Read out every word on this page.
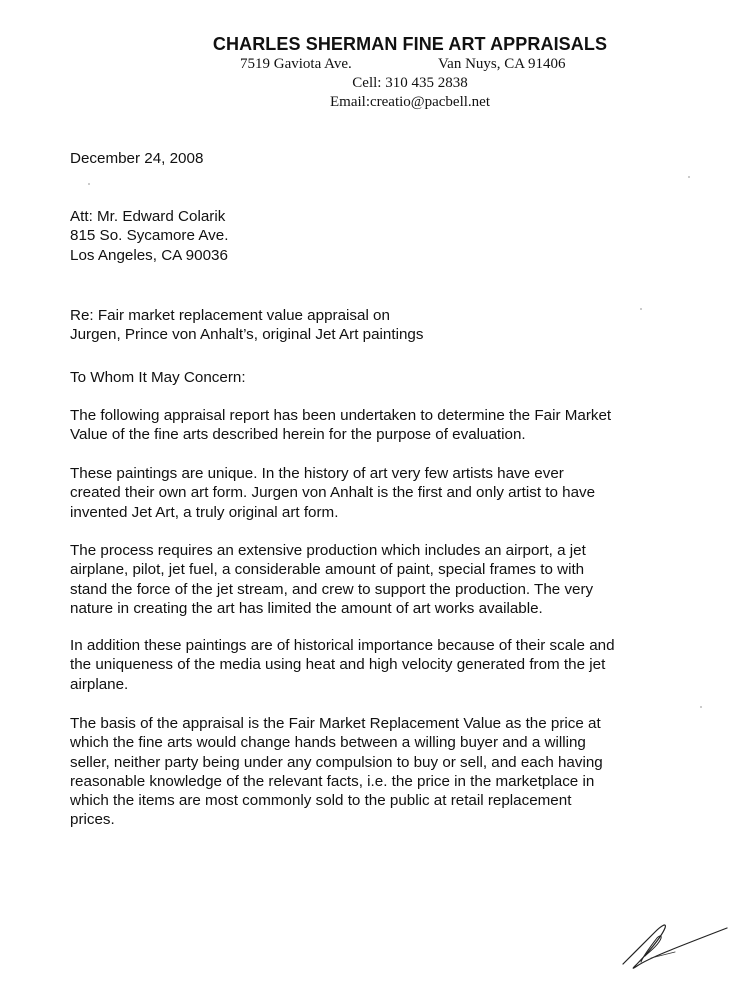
CHARLES SHERMAN FINE ART APPRAISALS
7519 Gaviota Ave.	Van Nuys, CA 91406
Cell: 310 435 2838
Email:creatio@pacbell.net
December 24, 2008
Att: Mr. Edward Colarik
815 So. Sycamore Ave.
Los Angeles, CA 90036
Re: Fair market replacement value appraisal on
Jurgen, Prince von Anhalt’s, original Jet Art paintings
To Whom It May Concern:
The following appraisal report has been undertaken to determine the Fair Market
Value of the fine arts described herein for the purpose of evaluation.
These paintings are unique. In the history of art very few artists have ever
created their own art form. Jurgen von Anhalt is the first and only artist to have
invented Jet Art, a truly original art form.
The process requires an extensive production which includes an airport, a jet
airplane, pilot, jet fuel, a considerable amount of paint, special frames to with
stand the force of the jet stream, and crew to support the production. The very
nature in creating the art has limited the amount of art works available.
In addition these paintings are of historical importance because of their scale and
the uniqueness of the media using heat and high velocity generated from the jet
airplane.
The basis of the appraisal is the Fair Market Replacement Value as the price at
which the fine arts would change hands between a willing buyer and a willing
seller, neither party being under any compulsion to buy or sell, and each having
reasonable knowledge of the relevant facts, i.e. the price in the marketplace in
which the items are most commonly sold to the public at retail replacement
prices.
